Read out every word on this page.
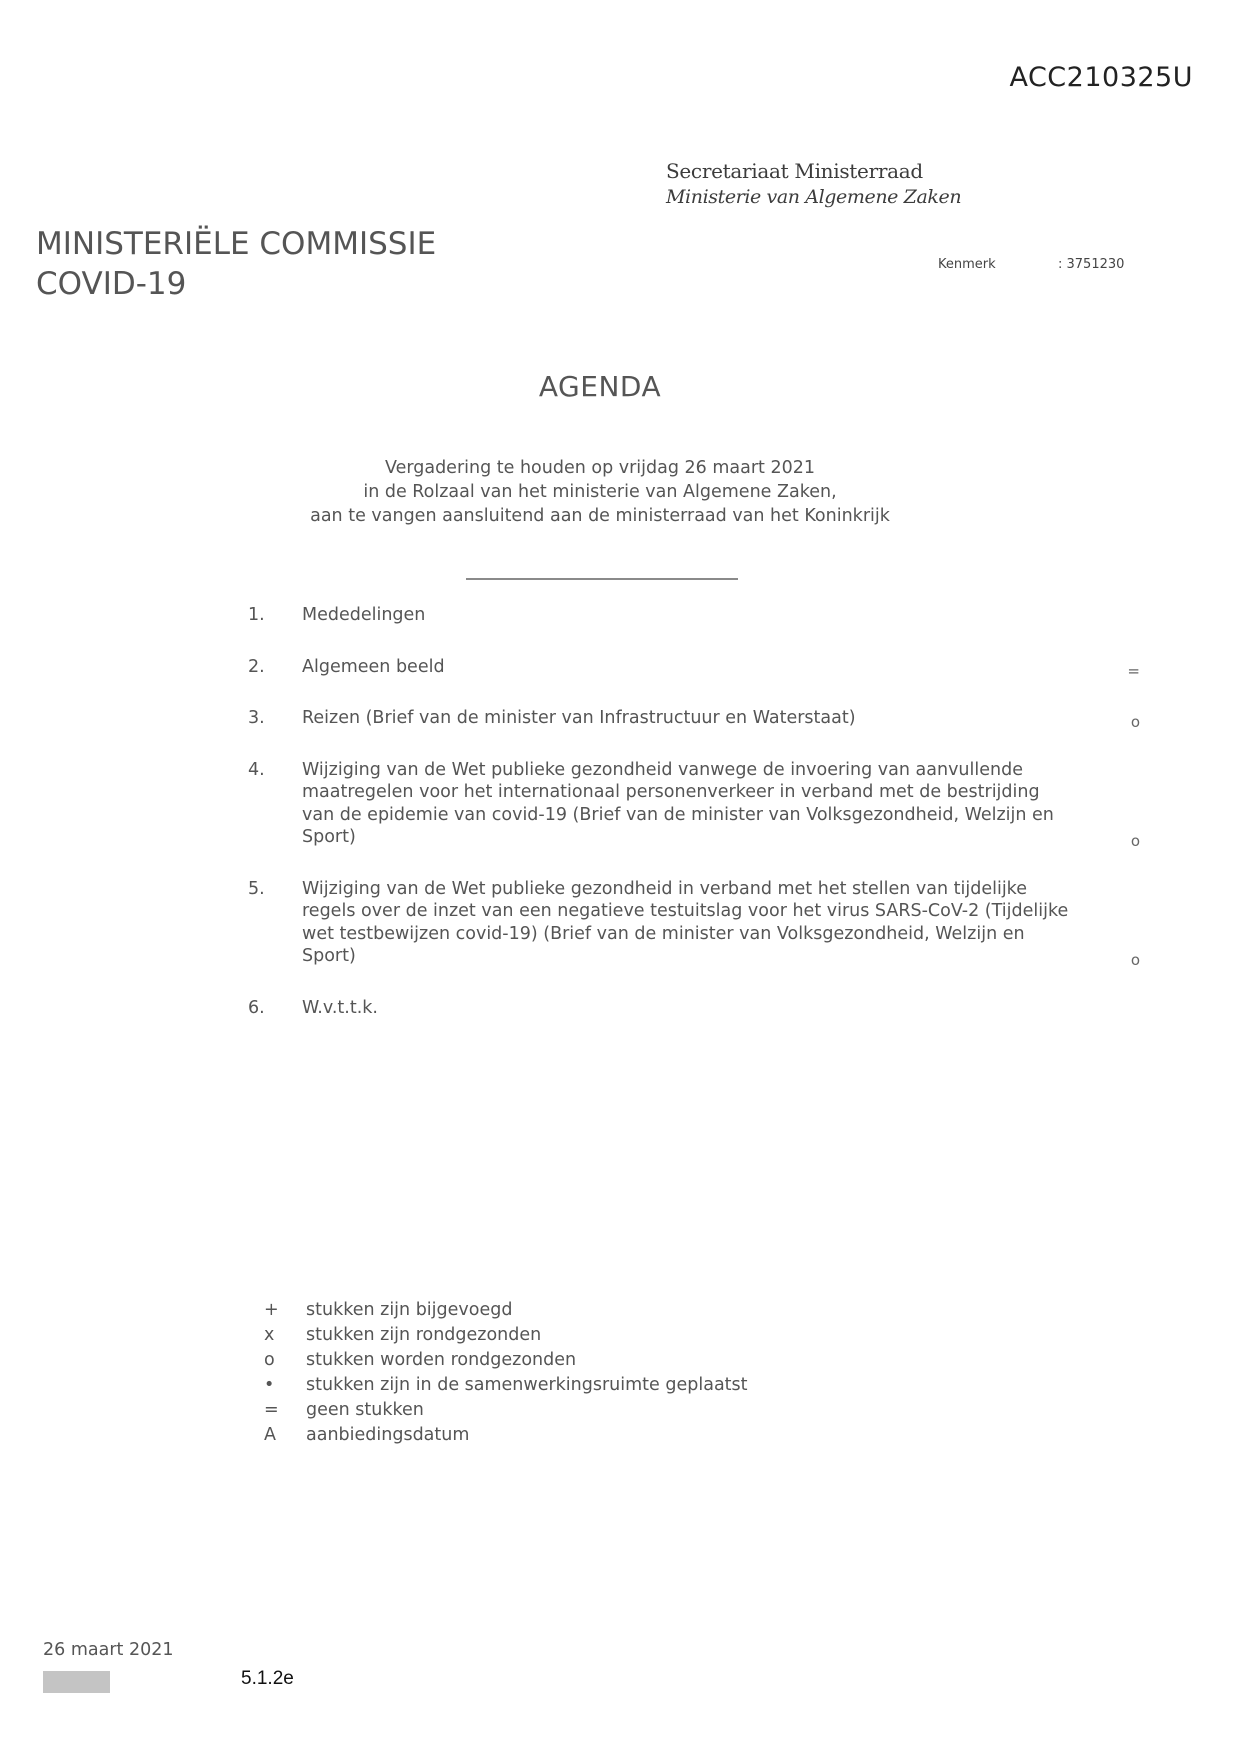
ACC210325U
Secretariaat Ministerraad
Ministerie van Algemene Zaken
MINISTERIËLE COMMISSIE
COVID-19
Kenmerk	: 3751230
AGENDA
Vergadering te houden op vrijdag 26 maart 2021
in de Rolzaal van het ministerie van Algemene Zaken,
aan te vangen aansluitend aan de ministerraad van het Koninkrijk
1.	Mededelingen
2.	Algemeen beeld	=
3.	Reizen (Brief van de minister van Infrastructuur en Waterstaat)	o
4.	Wijziging van de Wet publieke gezondheid vanwege de invoering van aanvullende maatregelen voor het internationaal personenverkeer in verband met de bestrijding van de epidemie van covid-19 (Brief van de minister van Volksgezondheid, Welzijn en Sport)	o
5.	Wijziging van de Wet publieke gezondheid in verband met het stellen van tijdelijke regels over de inzet van een negatieve testuitslag voor het virus SARS-CoV-2 (Tijdelijke wet testbewijzen covid-19) (Brief van de minister van Volksgezondheid, Welzijn en Sport)	o
6.	W.v.t.t.k.
+	stukken zijn bijgevoegd
x	stukken zijn rondgezonden
o	stukken worden rondgezonden
•	stukken zijn in de samenwerkingsruimte geplaatst
=	geen stukken
A	aanbiedingsdatum
26 maart 2021
5.1.2e
